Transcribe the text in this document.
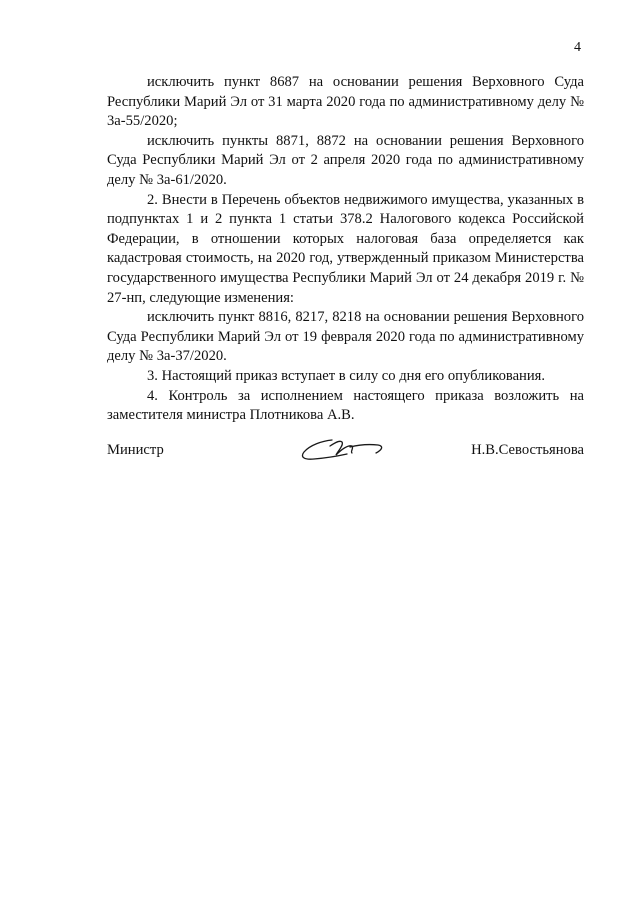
4

исключить пункт 8687 на основании решения Верховного Суда Республики Марий Эл от 31 марта 2020 года по административному делу № 3а-55/2020;

исключить пункты 8871, 8872 на основании решения Верховного Суда Республики Марий Эл от 2 апреля 2020 года по административному делу № 3а-61/2020.

2. Внести в Перечень объектов недвижимого имущества, указанных в подпунктах 1 и 2 пункта 1 статьи 378.2 Налогового кодекса Российской Федерации, в отношении которых налоговая база определяется как кадастровая стоимость, на 2020 год, утвержденный приказом Министерства государственного имущества Республики Марий Эл от 24 декабря 2019 г. № 27-нп, следующие изменения:

исключить пункт 8816, 8217, 8218 на основании решения Верховного Суда Республики Марий Эл от 19 февраля 2020 года по административному делу № 3а-37/2020.

3. Настоящий приказ вступает в силу со дня его опубликования.

4. Контроль за исполнением настоящего приказа возложить на заместителя министра Плотникова А.В.

Министр	Н.В.Севостьянова
